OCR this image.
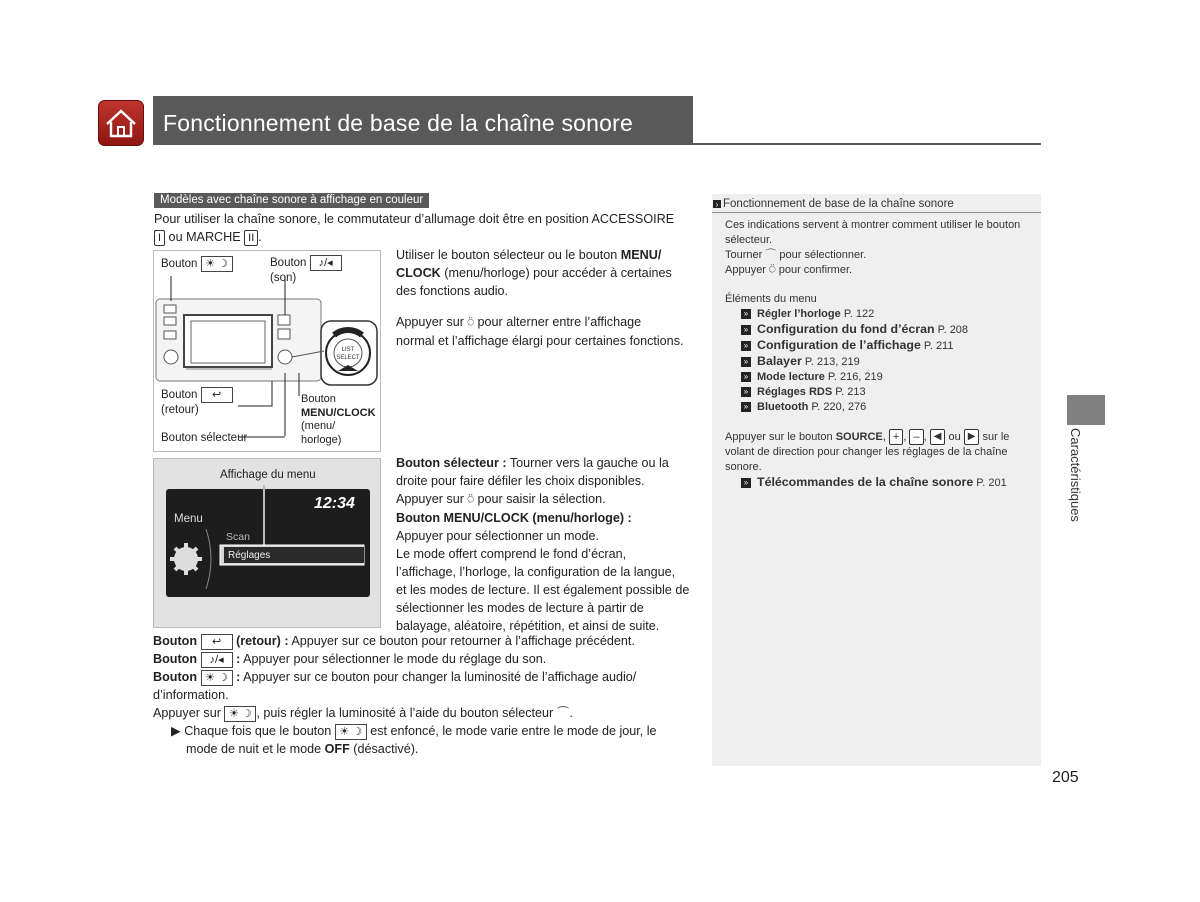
Fonctionnement de base de la chaîne sonore
Caractéristiques
205
Modèles avec chaîne sonore à affichage en couleur
Pour utiliser la chaîne sonore, le commutateur d’allumage doit être en position ACCESSOIRE
I ou MARCHE II .
LIST
SELECT
Bouton ☀ ☽	Bouton ♪/◂
(son)
Bouton ↩
(retour)
Bouton sélecteur
Bouton
MENU/CLOCK
(menu/
horloge)
Utiliser le bouton sélecteur ou le bouton MENU/
CLOCK (menu/horloge) pour accéder à certaines
des fonctions audio.
Appuyer sur ⍥ pour alterner entre l’affichage
normal et l’affichage élargi pour certaines fonctions.
Affichage du menu
12:34
Menu
Scan
Réglages
Bouton sélecteur : Tourner vers la gauche ou la
droite pour faire défiler les choix disponibles.
Appuyer sur ⍥ pour saisir la sélection.
Bouton MENU/CLOCK (menu/horloge) :
Appuyer pour sélectionner un mode.
Le mode offert comprend le fond d’écran,
l’affichage, l’horloge, la configuration de la langue,
et les modes de lecture. Il est également possible de
sélectionner les modes de lecture à partir de
balayage, aléatoire, répétition, et ainsi de suite.
Bouton ↩ (retour) : Appuyer sur ce bouton pour retourner à l’affichage précédent.
Bouton ♪/◂ : Appuyer pour sélectionner le mode du réglage du son.
Bouton ☀ ☽ : Appuyer sur ce bouton pour changer la luminosité de l’affichage audio/
d’information.
Appuyer sur ☀ ☽ , puis régler la luminosité à l’aide du bouton sélecteur ⌒.
▶ Chaque fois que le bouton ☀ ☽ est enfoncé, le mode varie entre le mode de jour, le
mode de nuit et le mode OFF (désactivé).
› Fonctionnement de base de la chaîne sonore
Ces indications servent à montrer comment utiliser le bouton
sélecteur.
Tourner ⌒ pour sélectionner.
Appuyer ⍥ pour confirmer.

Éléments du menu
» Régler l’horloge P. 122
» Configuration du fond d’écran P. 208
» Configuration de l’affichage P. 211
» Balayer P. 213, 219
» Mode lecture P. 216, 219
» Réglages RDS P. 213
» Bluetooth P. 220, 276
Appuyer sur le bouton SOURCE, + , – , ◀ ou ▶ sur le
volant de direction pour changer les réglages de la chaîne
sonore.
» Télécommandes de la chaîne sonore P. 201
